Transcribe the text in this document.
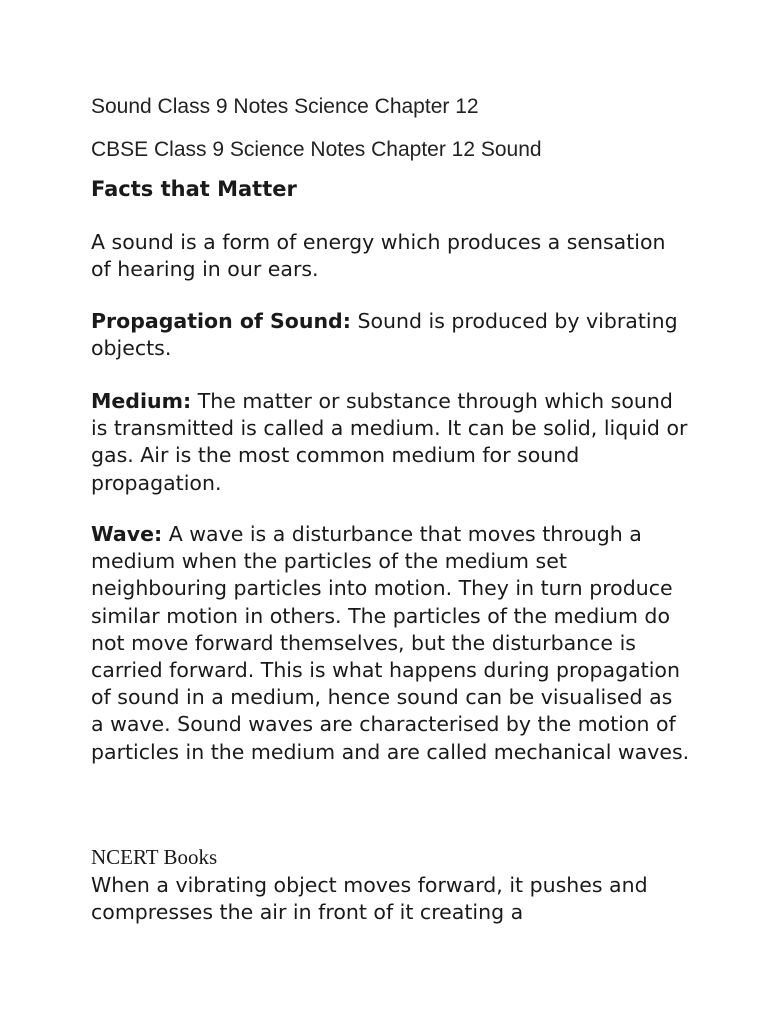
Sound Class 9 Notes Science Chapter 12
CBSE Class 9 Science Notes Chapter 12 Sound
Facts that Matter

A sound is a form of energy which produces a sensation of hearing in our ears.

Propagation of Sound: Sound is produced by vibrating objects.

Medium: The matter or substance through which sound is transmitted is called a medium. It can be solid, liquid or gas. Air is the most common medium for sound propagation.

Wave: A wave is a disturbance that moves through a medium when the particles of the medium set neighbouring particles into motion. They in turn produce similar motion in others. The particles of the medium do not move forward themselves, but the disturbance is carried forward. This is what happens during propagation of sound in a medium, hence sound can be visualised as a wave. Sound waves are characterised by the motion of particles in the medium and are called mechanical waves.

NCERT Books

When a vibrating object moves forward, it pushes and compresses the air in front of it creating a
